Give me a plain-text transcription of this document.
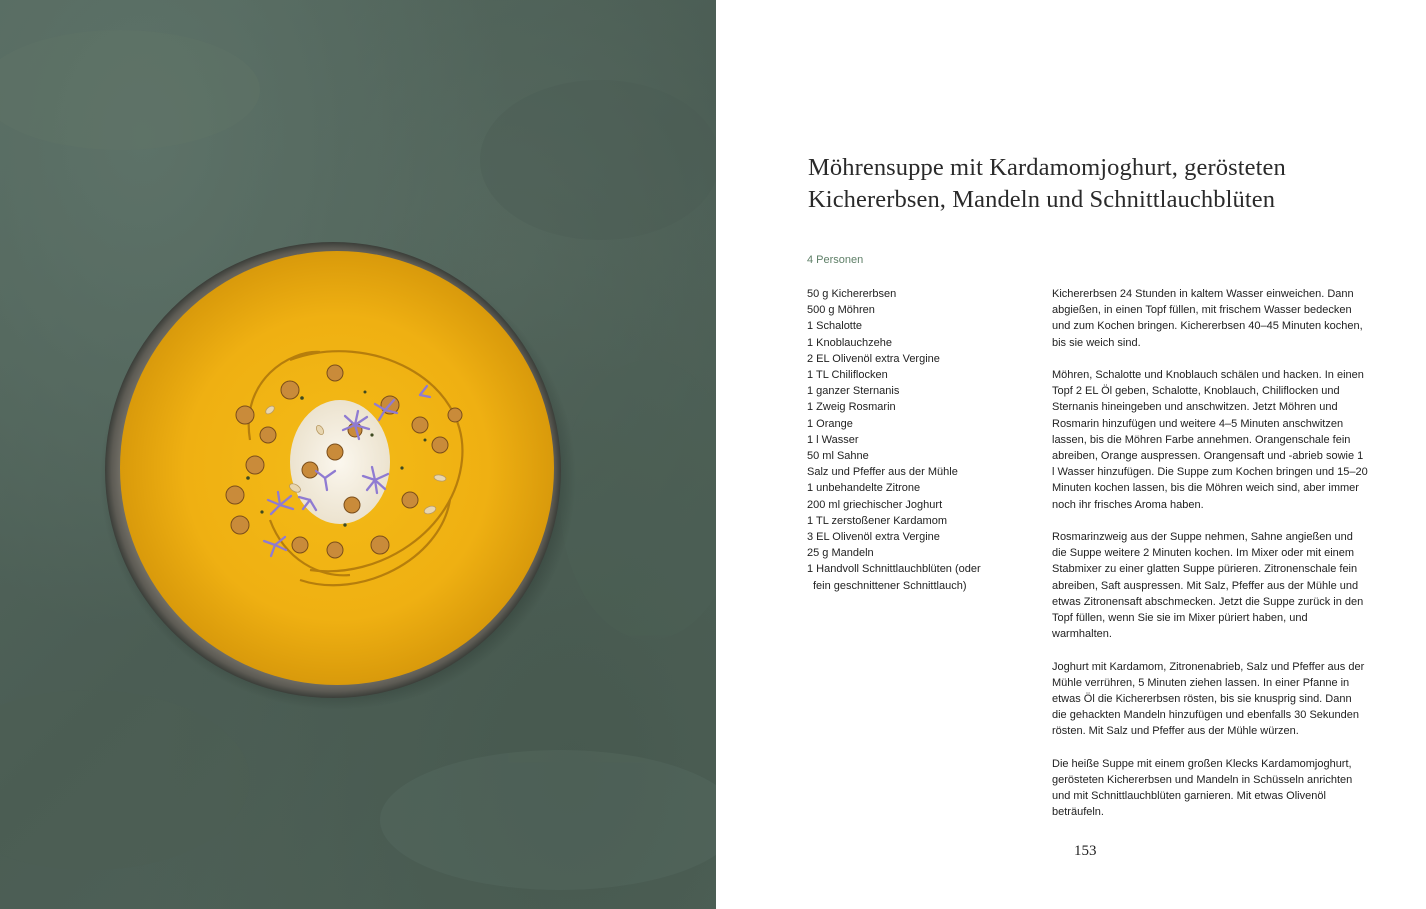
Möhrensuppe mit Kardamomjoghurt, gerösteten Kichererbsen, Mandeln und Schnittlauchblüten
4 Personen
50 g Kichererbsen
500 g Möhren
1 Schalotte
1 Knoblauchzehe
2 EL Olivenöl extra Vergine
1 TL Chiliflocken
1 ganzer Sternanis
1 Zweig Rosmarin
1 Orange
1 l Wasser
50 ml Sahne
Salz und Pfeffer aus der Mühle
1 unbehandelte Zitrone
200 ml griechischer Joghurt
1 TL zerstoßener Kardamom
3 EL Olivenöl extra Vergine
25 g Mandeln
1 Handvoll Schnittlauchblüten (oder fein geschnittener Schnittlauch)

Kichererbsen 24 Stunden in kaltem Wasser einweichen. Dann abgießen, in einen Topf füllen, mit frischem Wasser bedecken und zum Kochen bringen. Kichererbsen 40–45 Minuten kochen, bis sie weich sind.

Möhren, Schalotte und Knoblauch schälen und hacken. In einen Topf 2 EL Öl geben, Schalotte, Knoblauch, Chiliflocken und Sternanis hineingeben und anschwitzen. Jetzt Möhren und Rosmarin hinzufügen und weitere 4–5 Minuten anschwitzen lassen, bis die Möhren Farbe annehmen. Orangenschale fein abreiben, Orange auspressen. Orangensaft und -abrieb sowie 1 l Wasser hinzufügen. Die Suppe zum Kochen bringen und 15–20 Minuten kochen lassen, bis die Möhren weich sind, aber immer noch ihr frisches Aroma haben.

Rosmarinzweig aus der Suppe nehmen, Sahne angießen und die Suppe weitere 2 Minuten kochen. Im Mixer oder mit einem Stabmixer zu einer glatten Suppe pürieren. Zitronenschale fein abreiben, Saft auspressen. Mit Salz, Pfeffer aus der Mühle und etwas Zitronensaft abschmecken. Jetzt die Suppe zurück in den Topf füllen, wenn Sie sie im Mixer püriert haben, und warmhalten.

Joghurt mit Kardamom, Zitronenabrieb, Salz und Pfeffer aus der Mühle verrühren, 5 Minuten ziehen lassen. In einer Pfanne in etwas Öl die Kichererbsen rösten, bis sie knusprig sind. Dann die gehackten Mandeln hinzufügen und ebenfalls 30 Sekunden rösten. Mit Salz und Pfeffer aus der Mühle würzen.

Die heiße Suppe mit einem großen Klecks Kardamomjoghurt, gerösteten Kichererbsen und Mandeln in Schüsseln anrichten und mit Schnittlauchblüten garnieren. Mit etwas Olivenöl beträufeln.

153
